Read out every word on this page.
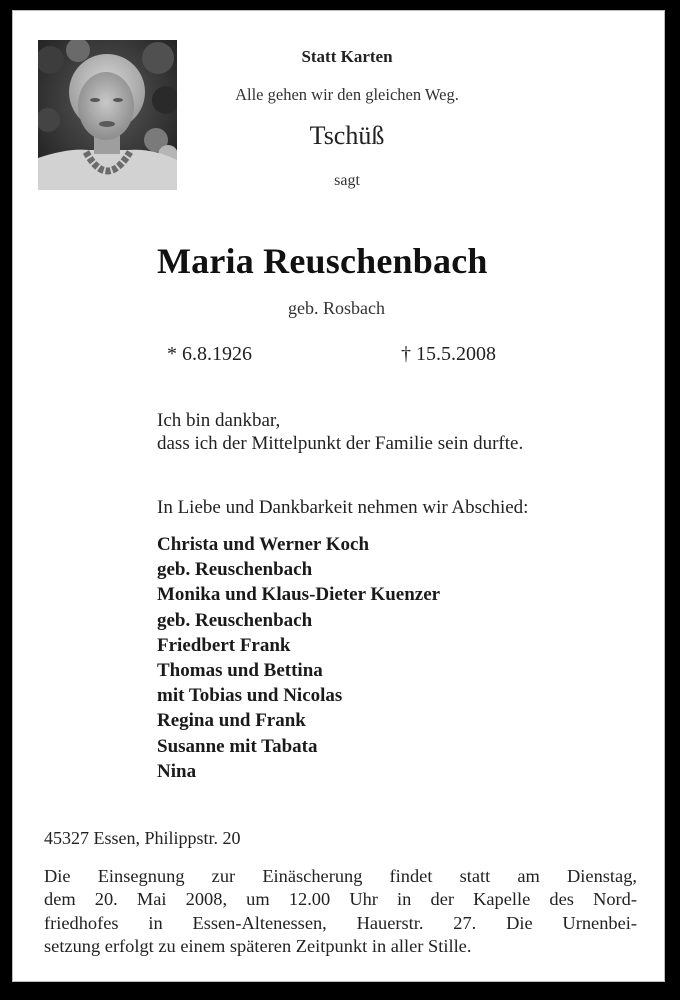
Statt Karten
Alle gehen wir den gleichen Weg.
Tschüß
sagt
Maria Reuschenbach
geb. Rosbach
* 6.8.1926	† 15.5.2008
Ich bin dankbar,
dass ich der Mittelpunkt der Familie sein durfte.
In Liebe und Dankbarkeit nehmen wir Abschied:
Christa und Werner Koch
geb. Reuschenbach
Monika und Klaus-Dieter Kuenzer
geb. Reuschenbach
Friedbert Frank
Thomas und Bettina
mit Tobias und Nicolas
Regina und Frank
Susanne mit Tabata
Nina
45327 Essen, Philippstr. 20
Die Einsegnung zur Einäscherung findet statt am Dienstag,
dem 20. Mai 2008, um 12.00 Uhr in der Kapelle des Nord-
friedhofes in Essen-Altenessen, Hauerstr. 27. Die Urnenbei-
setzung erfolgt zu einem späteren Zeitpunkt in aller Stille.
